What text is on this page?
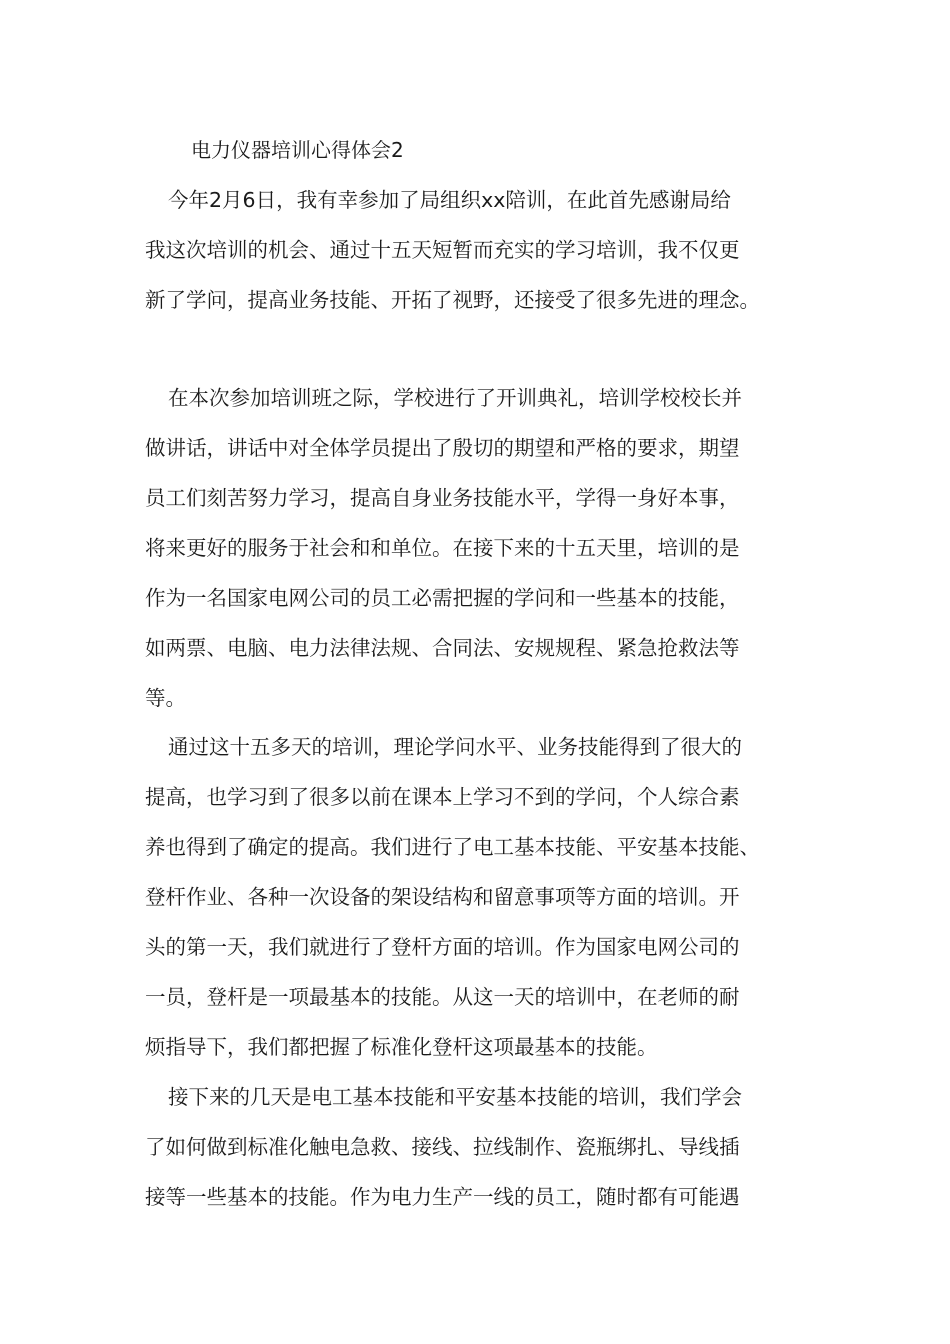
电力仪器培训心得体会2
今年2月6日，我有幸参加了局组织xx陪训，在此首先感谢局给
我这次培训的机会、通过十五天短暂而充实的学习培训，我不仅更
新了学问，提高业务技能、开拓了视野，还接受了很多先进的理念。
在本次参加培训班之际，学校进行了开训典礼，培训学校校长并
做讲话，讲话中对全体学员提出了殷切的期望和严格的要求，期望
员工们刻苦努力学习，提高自身业务技能水平，学得一身好本事，
将来更好的服务于社会和和单位。在接下来的十五天里，培训的是
作为一名国家电网公司的员工必需把握的学问和一些基本的技能，
如两票、电脑、电力法律法规、合同法、安规规程、紧急抢救法等
等。
通过这十五多天的培训，理论学问水平、业务技能得到了很大的
提高，也学习到了很多以前在课本上学习不到的学问，个人综合素
养也得到了确定的提高。我们进行了电工基本技能、平安基本技能、
登杆作业、各种一次设备的架设结构和留意事项等方面的培训。开
头的第一天，我们就进行了登杆方面的培训。作为国家电网公司的
一员，登杆是一项最基本的技能。从这一天的培训中，在老师的耐
烦指导下，我们都把握了标准化登杆这项最基本的技能。
接下来的几天是电工基本技能和平安基本技能的培训，我们学会
了如何做到标准化触电急救、接线、拉线制作、瓷瓶绑扎、导线插
接等一些基本的技能。作为电力生产一线的员工，随时都有可能遇
